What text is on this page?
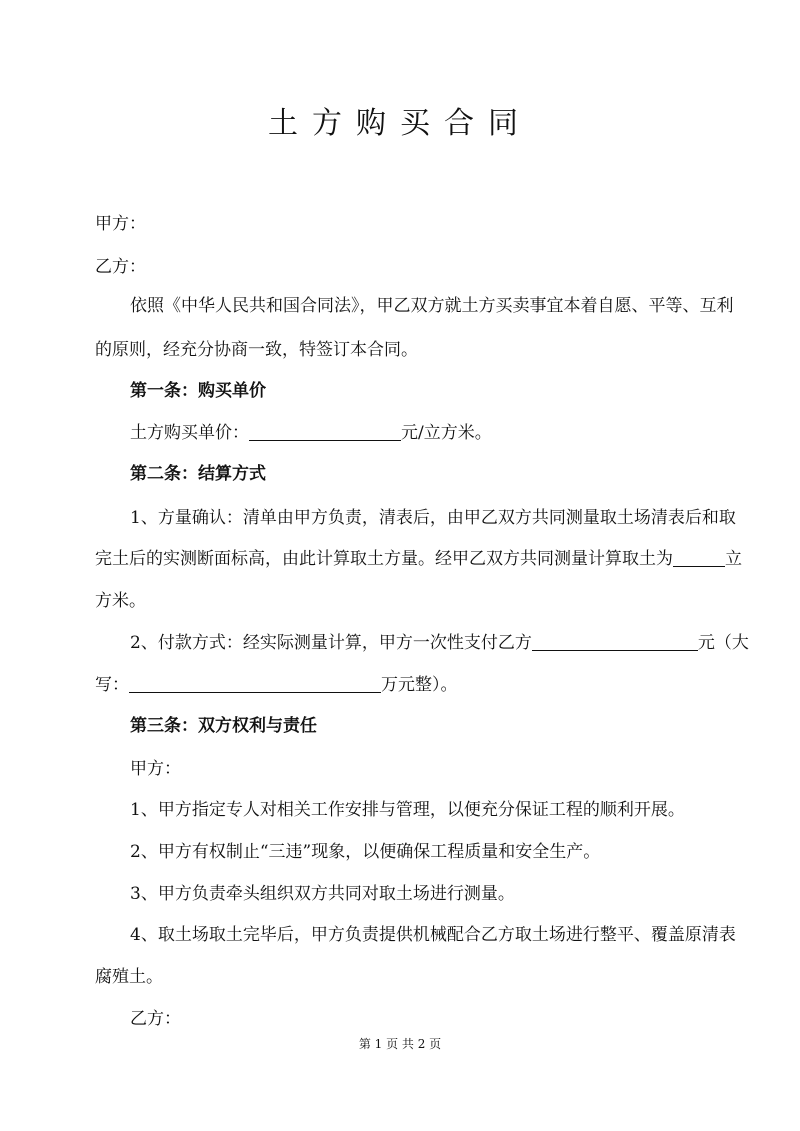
土方购买合同
甲方：
乙方：
依照《中华人民共和国合同法》，甲乙双方就土方买卖事宜本着自愿、平等、互利
的原则，经充分协商一致，特签订本合同。
第一条：购买单价
土方购买单价：	元/立方米。
第二条：结算方式
1、方量确认：清单由甲方负责，清表后，由甲乙双方共同测量取土场清表后和取
完土后的实测断面标高，由此计算取土方量。经甲乙双方共同测量计算取土为	立
方米。
2、付款方式：经实际测量计算，甲方一次性支付乙方	元（大
写：	万元整）。
第三条：双方权利与责任
甲方：
1、甲方指定专人对相关工作安排与管理，以便充分保证工程的顺利开展。
2、甲方有权制止“三违”现象，以便确保工程质量和安全生产。
3、甲方负责牵头组织双方共同对取土场进行测量。
4、取土场取土完毕后，甲方负责提供机械配合乙方取土场进行整平、覆盖原清表
腐殖土。
乙方：
第 1 页 共 2 页
